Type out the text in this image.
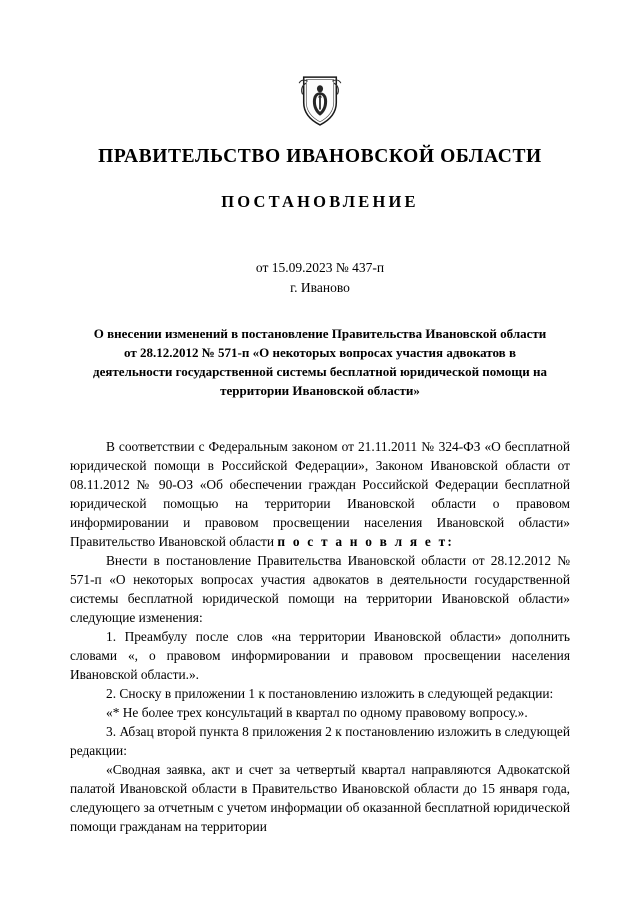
ПРАВИТЕЛЬСТВО ИВАНОВСКОЙ ОБЛАСТИ
ПОСТАНОВЛЕНИЕ
от 15.09.2023 № 437-п
г. Иваново
О внесении изменений в постановление Правительства Ивановской области от 28.12.2012 № 571-п «О некоторых вопросах участия адвокатов в деятельности государственной системы бесплатной юридической помощи на территории Ивановской области»

В соответствии с Федеральным законом от 21.11.2011 № 324-ФЗ «О бесплатной юридической помощи в Российской Федерации», Законом Ивановской области от 08.11.2012 № 90-ОЗ «Об обеспечении граждан Российской Федерации бесплатной юридической помощью на территории Ивановской области о правовом информировании и правовом просвещении населения Ивановской области» Правительство Ивановской области п о с т а н о в л я е т:

Внести в постановление Правительства Ивановской области от 28.12.2012 № 571-п «О некоторых вопросах участия адвокатов в деятельности государственной системы бесплатной юридической помощи на территории Ивановской области» следующие изменения:

1. Преамбулу после слов «на территории Ивановской области» дополнить словами «, о правовом информировании и правовом просвещении населения Ивановской области.».

2. Сноску в приложении 1 к постановлению изложить в следующей редакции:

«* Не более трех консультаций в квартал по одному правовому вопросу.».

3. Абзац второй пункта 8 приложения 2 к постановлению изложить в следующей редакции:

«Сводная заявка, акт и счет за четвертый квартал направляются Адвокатской палатой Ивановской области в Правительство Ивановской области до 15 января года, следующего за отчетным с учетом информации об оказанной бесплатной юридической помощи гражданам на территории
